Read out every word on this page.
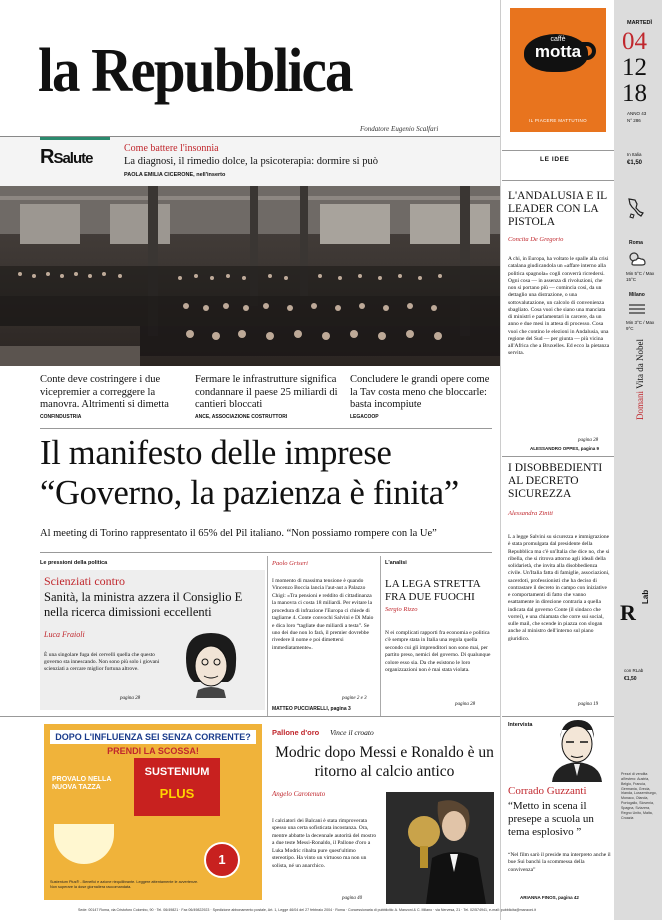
la Repubblica
Fondatore Eugenio Scalfari
caffè
motta
IL PIACERE MATTUTINO
MARTEDÌ
04
12
18
ANNO 43
N° 286
In Italia
€1,50
Roma
Min 5°C / Max 15°C
Milano
Min 3°C / Max 9°C
Domani Vita da Nobel
R
Lab
con RLab
€1,50
Prezzi di vendita all'estero: Austria, Belgio, Francia, Germania, Grecia, Irlanda, Lussemburgo, Monaco, Olanda, Portogallo, Slovenia, Spagna, Svizzera, Regno Unito, Malta, Croazia
RSalute
Come battere l'insonnia
La diagnosi, il rimedio dolce, la psicoterapia: dormire si può
PAOLA EMILIA CICERONE, nell'inserto
Conte deve costringere i due vicepremier a correggere la manovra. Altrimenti si dimetta
CONFINDUSTRIA
Fermare le infrastrutture significa condannare il paese 25 miliardi di cantieri bloccati
ANCE, ASSOCIAZIONE COSTRUTTORI
Concludere le grandi opere come la Tav costa meno che bloccarle: basta incompiute
LEGACOOP
Il manifesto delle imprese
“Governo, la pazienza è finita”
Al meeting di Torino rappresentato il 65% del Pil italiano. “Non possiamo rompere con la Ue”
Le pressioni della politica
Scienziati contro
Sanità, la ministra azzera il Consiglio E nella ricerca dimissioni eccellenti
Luca Fraioli
È una singolare fuga dei cervelli quella che questo governo sta innescando. Non sono più solo i giovani scienziati a cercare miglior fortuna altrove.
pagina 28
Paolo Griseri
I momento di massima tensione è quando Vincenzo Boccia lancia l'aut-aut a Palazzo Chigi: «Tra pensioni e reddito di cittadinanza la manovra ci costa 18 miliardi. Per evitare la procedura di infrazione l'Europa ci chiede di tagliarne 4. Conte convochi Salvini e Di Maio e dica loro “tagliate due miliardi a testa”. Se uno dei due non lo farà, il premier dovrebbe rivedere il nome e poi dimettersi immediatamente».
pagine 2 e 3
MATTEO PUCCIARELLI, pagina 3
L'analisi
LA LEGA STRETTA FRA DUE FUOCHI
Sergio Rizzo
N ei complicati rapporti fra economia e politica c'è sempre stata in Italia una regola quella secondo cui gli imprenditori non sono mai, per partito preso, nemici del governo. Di qualunque colore esso sia. Da che esistono le loro organizzazioni non è mai stata violata.
pagina 28
DOPO L'INFLUENZA SEI SENZA CORRENTE?
PRENDI LA SCOSSA!
SUSTENIUM
PLUS
PROVALO NELLA NUOVA TAZZA
1
Sustenium Plus® - Benefici e azione riequilibrante. Leggere attentamente le avvertenze. Non superare la dose giornaliera raccomandata.
Pallone d'oro Vince il croato
Modric dopo Messi e Ronaldo è un ritorno al calcio antico
Angelo Carotenuto
I calciatori dei Balcani è stata rimproverata spesso una certa sofisticata incostanza. Ora, mentre abbatte la decennale autorità del mostro a due teste Messi-Ronaldo, il Pallone d'oro a Luka Modric ribalta pure quest'ultimo stereotipo. Ha vinto un virtuoso ma non un solista, né un anarchico.
pagina 40
LE IDEE
L'ANDALUSIA E IL LEADER CON LA PISTOLA
Concita De Gregorio
A chi, in Europa, ha voltato le spalle alla crisi catalana giudicandola un «affare interno alla politica spagnola» cogli converrà ricredersi. Ogni cosa — in assenza di rivoluzioni, che non si portano più — comincia così, da un dettaglio una distrazione, o una sottovalutazione, un calcolo di convenienza sbagliato. Cosa vuoi che siano una manciata di ministri e parlamentari in carcere, da un anno e due mesi in attesa di processo. Cosa vuoi che contino le elezioni in Andalusia, una regione del Sud — per giunta — più vicina all'Africa che a Bruxelles. Ed ecco la pietanza servita.
pagina 28
ALESSANDRO OPPES, pagina 9
I DISOBBEDIENTI AL DECRETO SICUREZZA
Alessandra Ziniti
L a legge Salvini su sicurezza e immigrazione è stata promulgata dal presidente della Repubblica ma c'è un'Italia che dice no, che si ribella, che si ritrova attorno agli ideali della solidarietà, che invita alla disobbedienza civile. Un'Italia fatta di famiglie, associazioni, sacerdoti, professionisti che ha deciso di contrastare il decreto in campo con iniziative e comportamenti di fatto che vanno esattamente in direzione contraria a quella indicata dal governo Conte (il sindaco che vorrei), e una chiamata che corre sui social, sulle mail, che scende in piazza con slogan anche al ministro dell'interno sul piano giuridico.
pagina 19
Intervista
Corrado Guzzanti
“Metto in scena il presepe a scuola un tema esplosivo ”
“Nel film sarò il preside ma interpreto anche il bue Sui banchi la scommessa della convivenza”
ARIANNA FINOS, pagina 42
Sede: 00147 Roma, via Cristoforo Colombo, 90 · Tel. 06/49821 · Fax 06/49822923 · Spedizione abbonamento postale, Art. 1, Legge 46/04 del 27 febbraio 2004 · Roma · Concessionaria di pubblicità: A. Manzoni & C. Milano · via Nervesa, 21 · Tel. 02/574941, e-mail: pubblicita@manzoni.it
